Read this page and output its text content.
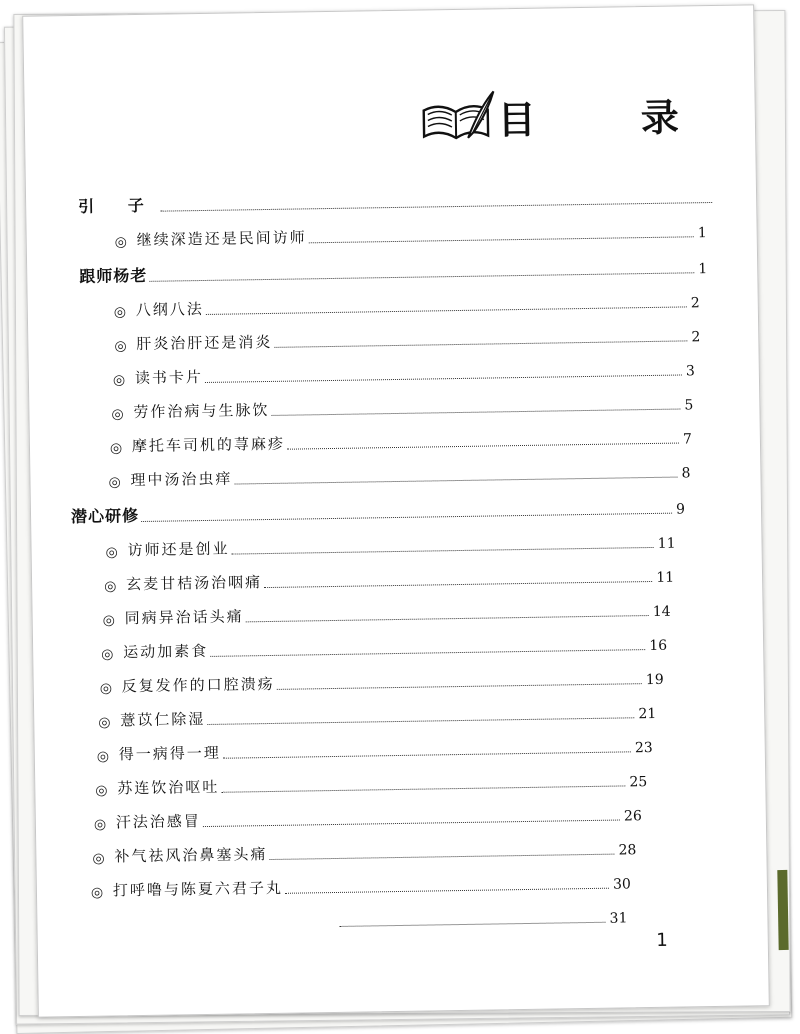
目 录
引 子
◎ 继续深造还是民间访师	1
跟师杨老	1
◎ 八纲八法	2
◎ 肝炎治肝还是消炎	2
◎ 读书卡片	3
◎ 劳作治病与生脉饮	5
◎ 摩托车司机的荨麻疹	7
◎ 理中汤治虫痒	8
潜心研修	9
◎ 访师还是创业	11
◎ 玄麦甘桔汤治咽痛	11
◎ 同病异治话头痛	14
◎ 运动加素食	16
◎ 反复发作的口腔溃疡	19
◎ 薏苡仁除湿	21
◎ 得一病得一理	23
◎ 苏连饮治呕吐	25
◎ 汗法治感冒	26
◎ 补气祛风治鼻塞头痛	28
◎ 打呼噜与陈夏六君子丸	30
31
1
